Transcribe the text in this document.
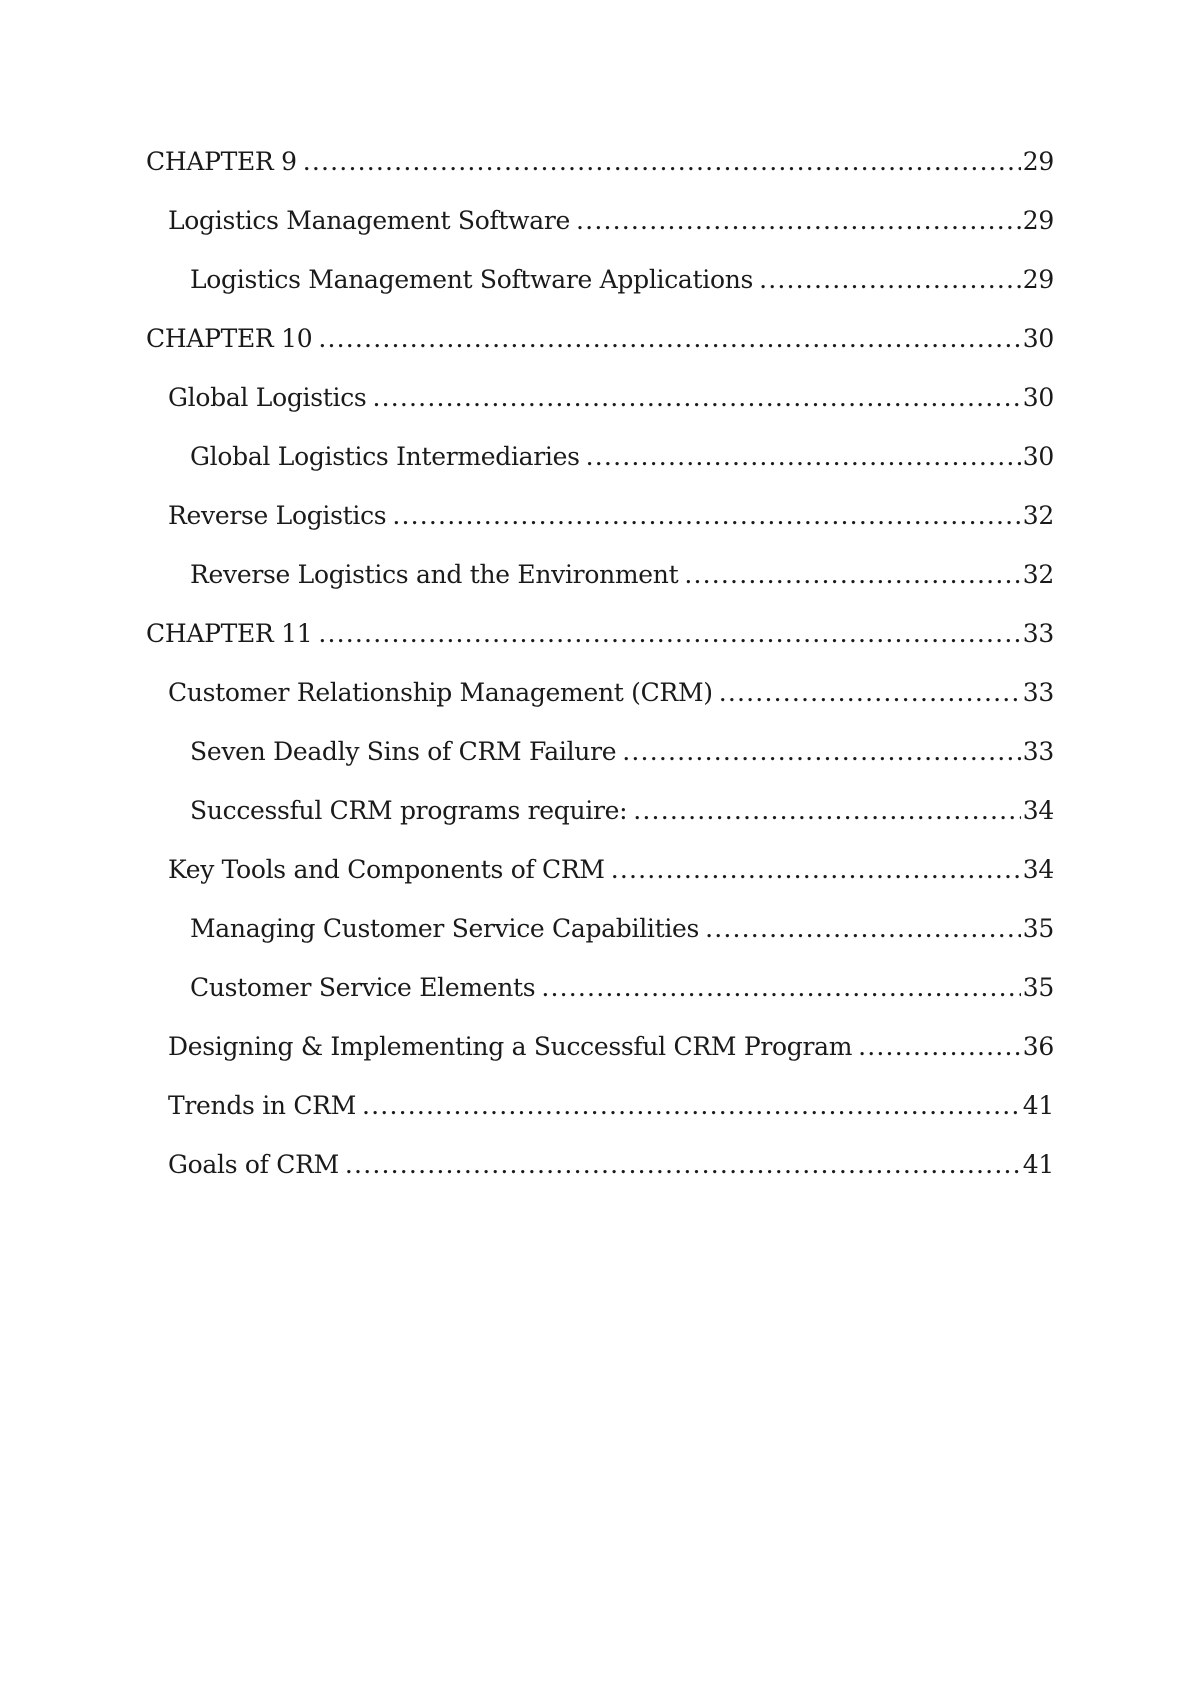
CHAPTER 9 .....	29
Logistics Management Software .....	29
Logistics Management Software Applications .....	29
CHAPTER 10 .....	30
Global Logistics .....	30
Global Logistics Intermediaries .....	30
Reverse Logistics .....	32
Reverse Logistics and the Environment .....	32
CHAPTER 11 .....	33
Customer Relationship Management (CRM) .....	33
Seven Deadly Sins of CRM Failure .....	33
Successful CRM programs require: .....	34
Key Tools and Components of CRM .....	34
Managing Customer Service Capabilities .....	35
Customer Service Elements .....	35
Designing & Implementing a Successful CRM Program .....	36
Trends in CRM .....	41
Goals of CRM .....	41
